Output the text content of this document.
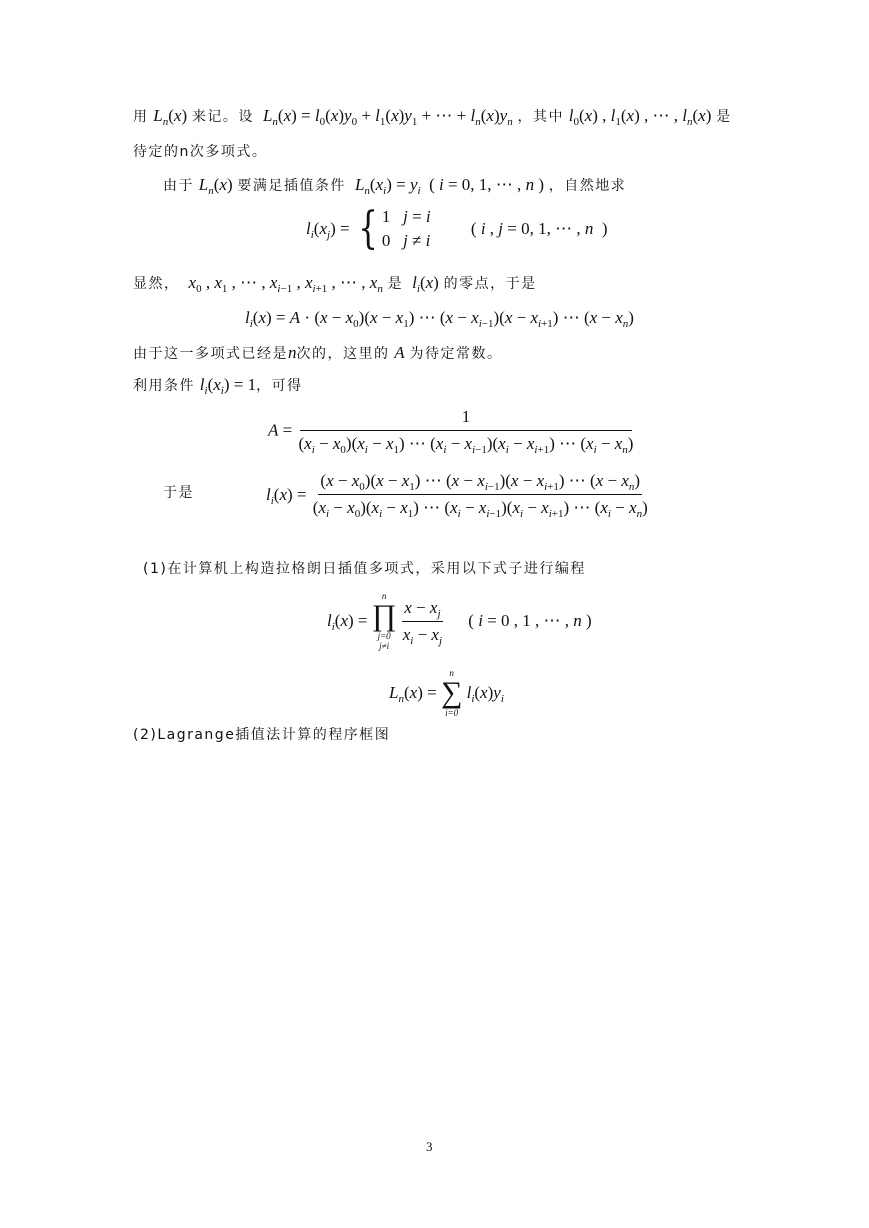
用 $L_n(x)$ 来记。设 $L_n(x) = l_0(x)y_0 + l_1(x)y_1$ + ⋯ + $l_n(x)y_n$ ，其中 $l_0(x)$ , $l_1(x)$ , ⋯ , $l_n(x)$ 是
待定的n次多项式。
由于 $L_n(x)$ 要满足插值条件 $L_n(x_i) = y_i$  ( i = 0, 1, ⋯ , n ) ，自然地求
$l_i(x_j)$ = { 1   j = i
0   j ≠ i
( i , j = 0, 1, ⋯ , n  )
显然， $x_0$ , $x_1$ , ⋯ , $x_{i-1}$ , $x_{i+1}$ , ⋯ , $x_n$ 是 $l_i(x)$ 的零点，于是
$l_i(x) = A \cdot (x - x_0)(x - x_1)$ ⋯ $(x - x_{i-1})(x - x_{i+1})$ ⋯ $(x - x_n)$
由于这一多项式已经是n次的，这里的 A 为待定常数。
利用条件 $l_i(x_i) = 1$，可得
$A = \frac{1}{(x_i - x_0)(x_i - x_1) \cdots (x_i - x_{i-1})(x_i - x_{i+1}) \cdots (x_i - x_n)}$
于是	$l_i(x) = \frac{(x - x_0)(x - x_1) \cdots (x - x_{i-1})(x - x_{i+1}) \cdots (x - x_n)}{(x_i - x_0)(x_i - x_1) \cdots (x_i - x_{i-1})(x_i - x_{i+1}) \cdots (x_i - x_n)}$
(1)在计算机上构造拉格朗日插值多项式，采用以下式子进行编程
$l_i(x)$ =
n
∏
j=0
j≠i

$\frac{x - x_j}{x_i - x_j}$ ( i = 0 , 1 , ⋯ , n )
$L_n(x)$ =
n
∑
i=0
$l_i(x)y_i$
(2)Lagrange插值法计算的程序框图
3
